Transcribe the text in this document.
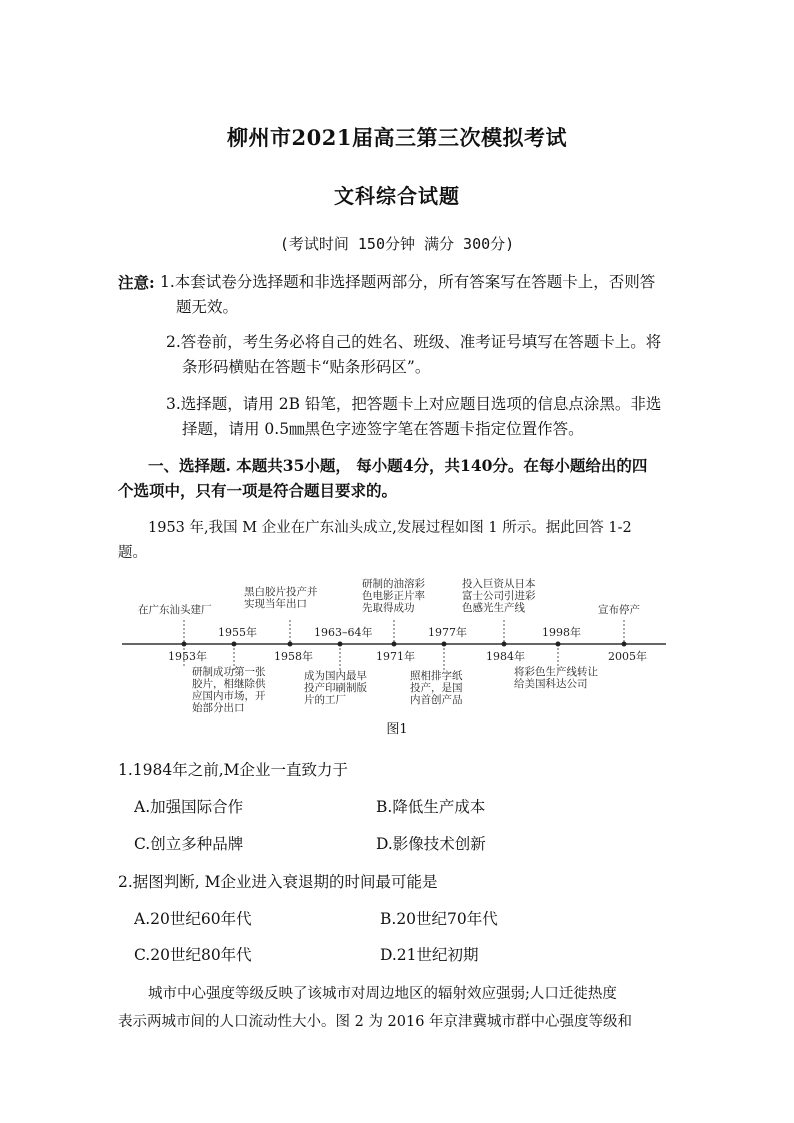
柳州市2021届高三第三次模拟考试
文科综合试题
(考试时间 150分钟 满分 300分)
注意: 1.本套试卷分选择题和非选择题两部分，所有答案写在答题卡上，否则答
题无效。
2.答卷前，考生务必将自己的姓名、班级、准考证号填写在答题卡上。将
条形码横贴在答题卡“贴条形码区”。
3.选择题，请用 2B 铅笔，把答题卡上对应题目选项的信息点涂黑。非选
择题，请用 0.5㎜黑色字迹签字笔在答题卡指定位置作答。
一、选择题. 本题共35小题， 每小题4分，共140分。在每小题给出的四
个选项中，只有一项是符合题目要求的。
1953 年,我国 M 企业在广东汕头成立,发展过程如图 1 所示。据此回答 1-2
题。
1953年
1955年
1958年
1963–64年
1971年
1977年
1984年
1998年
2005年
在广东汕头建厂
黑白胶片投产并
实现当年出口
研制的油溶彩
色电影正片率
先取得成功
投入巨资从日本
富士公司引进彩
色感光生产线	宣布停产
研制成功第一张
胶片，相继除供
应国内市场，开
始部分出口
成为国内最早
投产印刷制版
片的工厂
照相排字纸
投产，是国
内首创产品
将彩色生产线转让
给美国科达公司
图1
1.1984年之前,M企业一直致力于
A.加强国际合作	B.降低生产成本
C.创立多种品牌	D.影像技术创新
2.据图判断, M企业进入衰退期的时间最可能是
A.20世纪60年代	B.20世纪70年代
C.20世纪80年代	D.21世纪初期
城市中心强度等级反映了该城市对周边地区的辐射效应强弱;人口迁徙热度
表示两城市间的人口流动性大小。图 2 为 2016 年京津冀城市群中心强度等级和
